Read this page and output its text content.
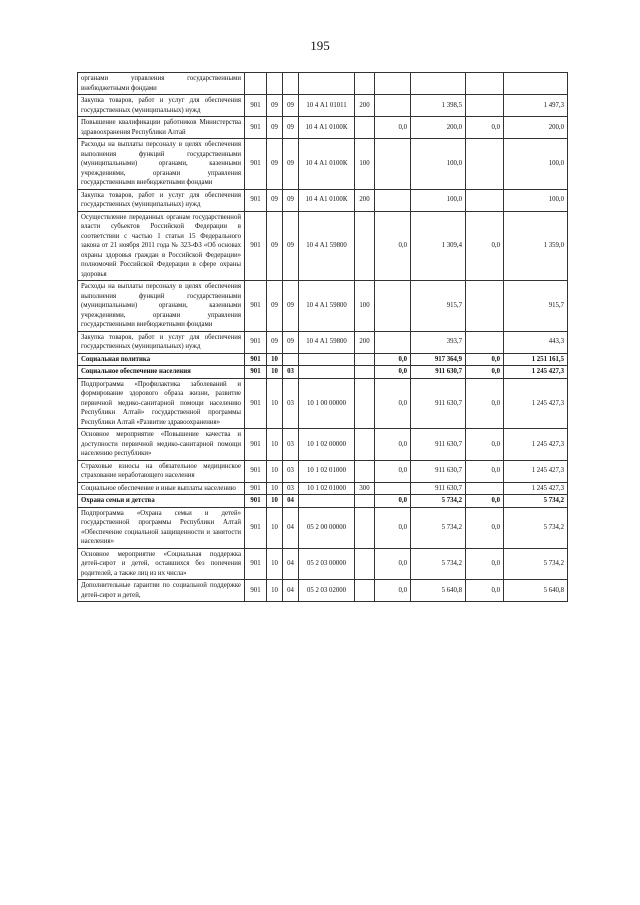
195
органами управления государственными внебюджетными фондами									
Закупка товаров, работ и услуг для обеспечения государственных (муниципальных) нужд	901	09	09	10 4 А1 01011	200		1 398,5		1 497,3
Повышение квалификации работников Министерства здравоохранения Республики Алтай	901	09	09	10 4 А1 0100К		0,0	200,0	0,0	200,0
Расходы на выплаты персоналу в целях обеспечения выполнения функций государственными (муниципальными) органами, казенными учреждениями, органами управления государственными внебюджетными фондами	901	09	09	10 4 А1 0100К	100		100,0		100,0
Закупка товаров, работ и услуг для обеспечения государственных (муниципальных) нужд	901	09	09	10 4 А1 0100К	200		100,0		100,0
Осуществление переданных органам государственной власти субъектов Российской Федерации в соответствии с частью 1 статьи 15 Федерального закона от 21 ноября 2011 года № 323-ФЗ «Об основах охраны здоровья граждан в Российской Федерации» полномочий Российской Федерации в сфере охраны здоровья	901	09	09	10 4 А1 59800		0,0	1 309,4	0,0	1 359,0
Расходы на выплаты персоналу в целях обеспечения выполнения функций государственными (муниципальными) органами, казенными учреждениями, органами управления государственными внебюджетными фондами	901	09	09	10 4 А1 59800	100		915,7		915,7
Закупка товаров, работ и услуг для обеспечения государственных (муниципальных) нужд	901	09	09	10 4 А1 59800	200		393,7		443,3
Социальная политика	901	10				0,0	917 364,9	0,0	1 251 161,5
Социальное обеспечение населения	901	10	03			0,0	911 630,7	0,0	1 245 427,3
Подпрограмма «Профилактика заболеваний и формирование здорового образа жизни, развитие первичной медико-санитарной помощи населению Республики Алтай» государственной программы Республики Алтай «Развитие здравоохранения»	901	10	03	10 1 00 00000		0,0	911 630,7	0,0	1 245 427,3
Основное мероприятие «Повышение качества и доступности первичной медико-санитарной помощи населению республики»	901	10	03	10 1 02 00000		0,0	911 630,7	0,0	1 245 427,3
Страховые взносы на обязательное медицинское страхование неработающего населения	901	10	03	10 1 02 01000		0,0	911 630,7	0,0	1 245 427,3
Социальное обеспечение и иные выплаты населению	901	10	03	10 1 02 01000	300		911 630,7		1 245 427,3
Охрана семьи и детства	901	10	04			0,0	5 734,2	0,0	5 734,2
Подпрограмма «Охрана семьи и детей» государственной программы Республики Алтай «Обеспечение социальной защищенности и занятости населения»	901	10	04	05 2 00 00000		0,0	5 734,2	0,0	5 734,2
Основное мероприятие «Социальная поддержка детей-сирот и детей, оставшихся без попечения родителей, а также лиц из их числа»	901	10	04	05 2 03 00000		0,0	5 734,2	0,0	5 734,2
Дополнительные гарантии по социальной поддержке детей-сирот и детей,	901	10	04	05 2 03 02000		0,0	5 640,8	0,0	5 640,8
